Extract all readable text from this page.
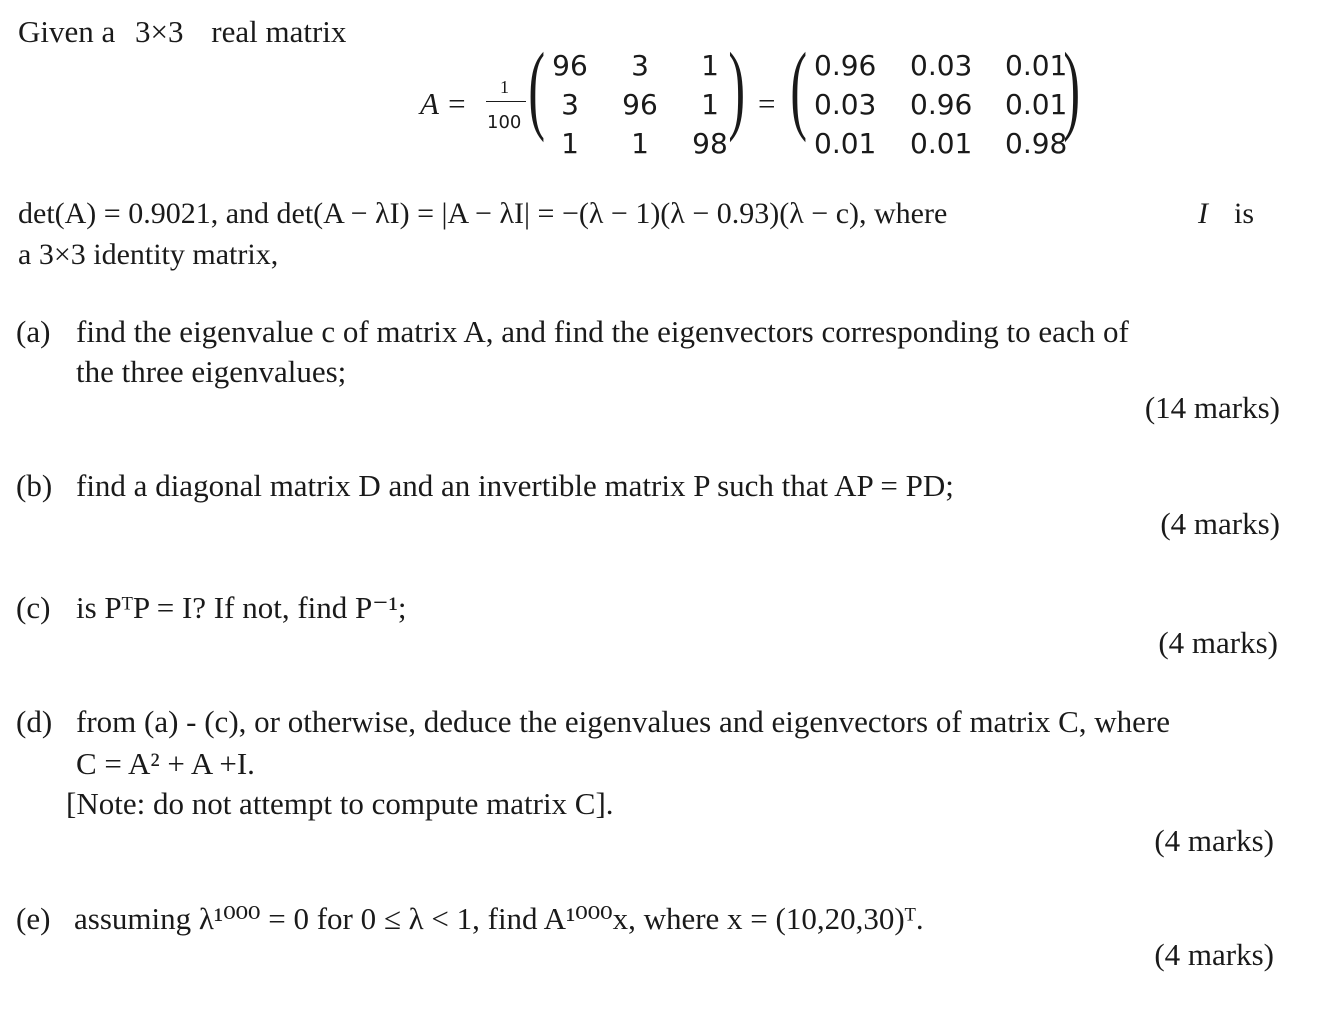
Given a 3×3 real matrix
A = 1
100 ( )
96	3	1
3	96	1
1	1	98
= (	)
0.96 0.03 0.01
0.03 0.96 0.01
0.01 0.01 0.98
det(A) = 0.9021, and det(A − λI) = |A − λI| = −(λ − 1)(λ − 0.93)(λ − c), where	I is
a 3×3 identity matrix,
(a) find the eigenvalue c of matrix A, and find the eigenvectors corresponding to each of
the three eigenvalues;
(14 marks)
(b) find a diagonal matrix D and an invertible matrix P such that AP = PD;
(4 marks)
(c) is PᵀP = I? If not, find P⁻¹;
(4 marks)
(d) from (a) - (c), or otherwise, deduce the eigenvalues and eigenvectors of matrix C, where
C = A² + A +I.
[Note: do not attempt to compute matrix C].
(4 marks)
(e) assuming λ¹⁰⁰⁰ = 0 for 0 ≤ λ < 1, find A¹⁰⁰⁰x, where x = (10,20,30)ᵀ.
(4 marks)
